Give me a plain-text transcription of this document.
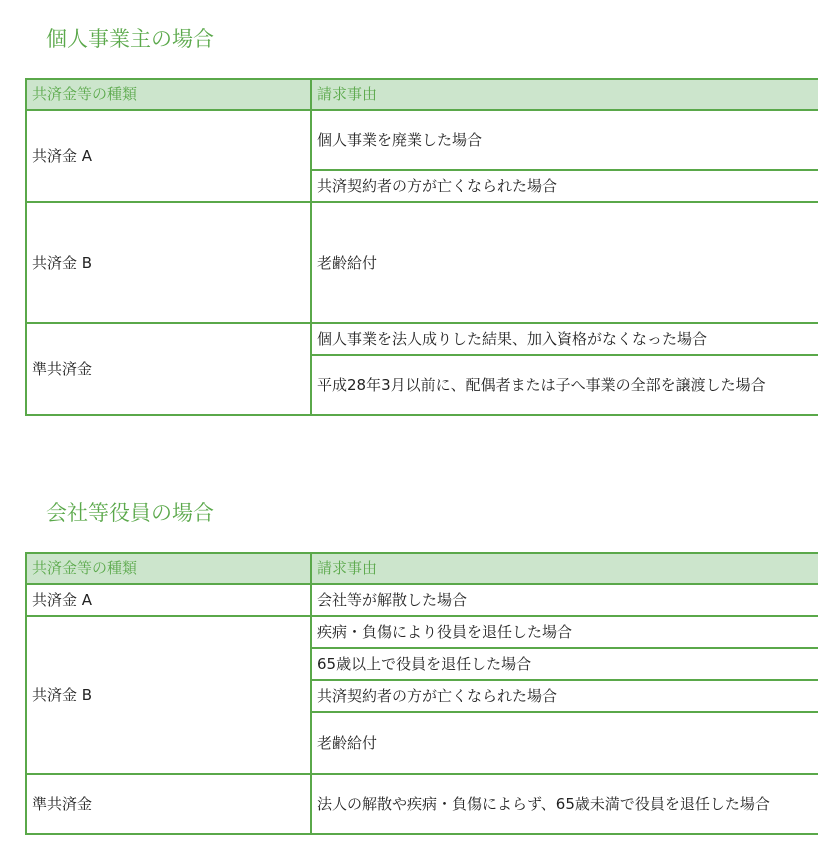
個人事業主の場合
共済金等の種類	請求事由
共済金 A	個人事業を廃業した場合
	共済契約者の方が亡くなられた場合
共済金 B	老齢給付
準共済金	個人事業を法人成りした結果、加入資格がなくなった場合
	平成28年3月以前に、配偶者または子へ事業の全部を譲渡した場合
会社等役員の場合
共済金等の種類	請求事由
共済金 A	会社等が解散した場合
共済金 B	疾病・負傷により役員を退任した場合
	65歳以上で役員を退任した場合
	共済契約者の方が亡くなられた場合
	老齢給付
準共済金	法人の解散や疾病・負傷によらず、65歳未満で役員を退任した場合
